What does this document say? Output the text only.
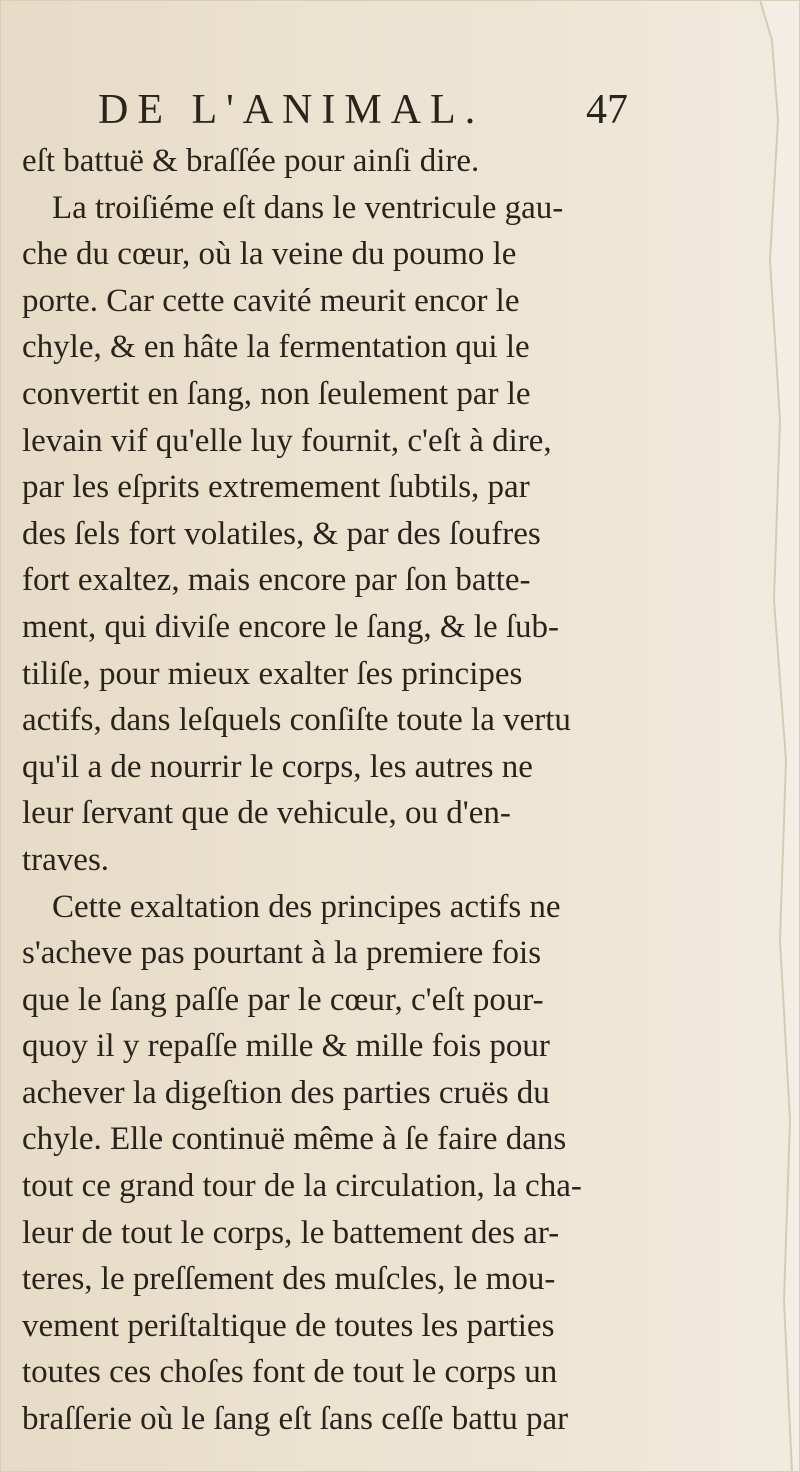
DE L'ANIMAL. 47
eſt battuë & braſſée pour ainſi dire.
La troiſiéme eſt dans le ventricule gau-
che du cœur, où la veine du poumo le
porte. Car cette cavité meurit encor le
chyle, & en hâte la fermentation qui le
convertit en ſang, non ſeulement par le
levain vif qu'elle luy fournit, c'eſt à dire,
par les eſprits extremement ſubtils, par
des ſels fort volatiles, & par des ſoufres
fort exaltez, mais encore par ſon batte-
ment, qui diviſe encore le ſang, & le ſub-
tiliſe, pour mieux exalter ſes principes
actifs, dans leſquels conſiſte toute la vertu
qu'il a de nourrir le corps, les autres ne
leur ſervant que de vehicule, ou d'en-
traves.
Cette exaltation des principes actifs ne
s'acheve pas pourtant à la premiere fois
que le ſang paſſe par le cœur, c'eſt pour-
quoy il y repaſſe mille & mille fois pour
achever la digeſtion des parties cruës du
chyle. Elle continuë même à ſe faire dans
tout ce grand tour de la circulation, la cha-
leur de tout le corps, le battement des ar-
teres, le preſſement des muſcles, le mou-
vement periſtaltique de toutes les parties
toutes ces choſes font de tout le corps un
braſſerie où le ſang eſt ſans ceſſe battu par
